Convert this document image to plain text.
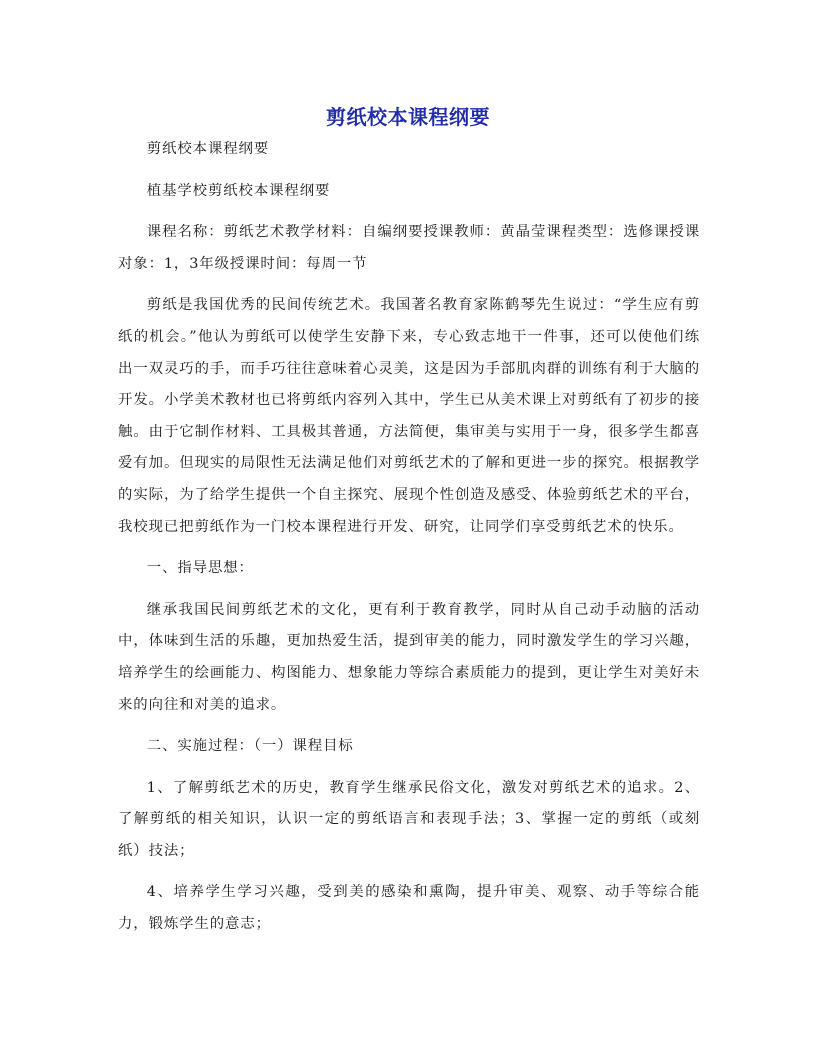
剪纸校本课程纲要

剪纸校本课程纲要

植基学校剪纸校本课程纲要

课程名称：剪纸艺术教学材料：自编纲要授课教师：黄晶莹课程类型：选修课授课对象：1，3年级授课时间：每周一节

剪纸是我国优秀的民间传统艺术。我国著名教育家陈鹤琴先生说过：“学生应有剪纸的机会。”他认为剪纸可以使学生安静下来，专心致志地干一件事，还可以使他们练出一双灵巧的手，而手巧往往意味着心灵美，这是因为手部肌肉群的训练有利于大脑的开发。小学美术教材也已将剪纸内容列入其中，学生已从美术课上对剪纸有了初步的接触。由于它制作材料、工具极其普通，方法简便，集审美与实用于一身，很多学生都喜爱有加。但现实的局限性无法满足他们对剪纸艺术的了解和更进一步的探究。根据教学的实际，为了给学生提供一个自主探究、展现个性创造及感受、体验剪纸艺术的平台，我校现已把剪纸作为一门校本课程进行开发、研究，让同学们享受剪纸艺术的快乐。

一、指导思想：

继承我国民间剪纸艺术的文化，更有利于教育教学，同时从自己动手动脑的活动中，体味到生活的乐趣，更加热爱生活，提到审美的能力，同时激发学生的学习兴趣，培养学生的绘画能力、构图能力、想象能力等综合素质能力的提到，更让学生对美好未来的向往和对美的追求。

二、实施过程：（一）课程目标

1、了解剪纸艺术的历史，教育学生继承民俗文化，激发对剪纸艺术的追求。2、了解剪纸的相关知识，认识一定的剪纸语言和表现手法；3、掌握一定的剪纸（或刻纸）技法；

4、培养学生学习兴趣，受到美的感染和熏陶，提升审美、观察、动手等综合能力，锻炼学生的意志；
